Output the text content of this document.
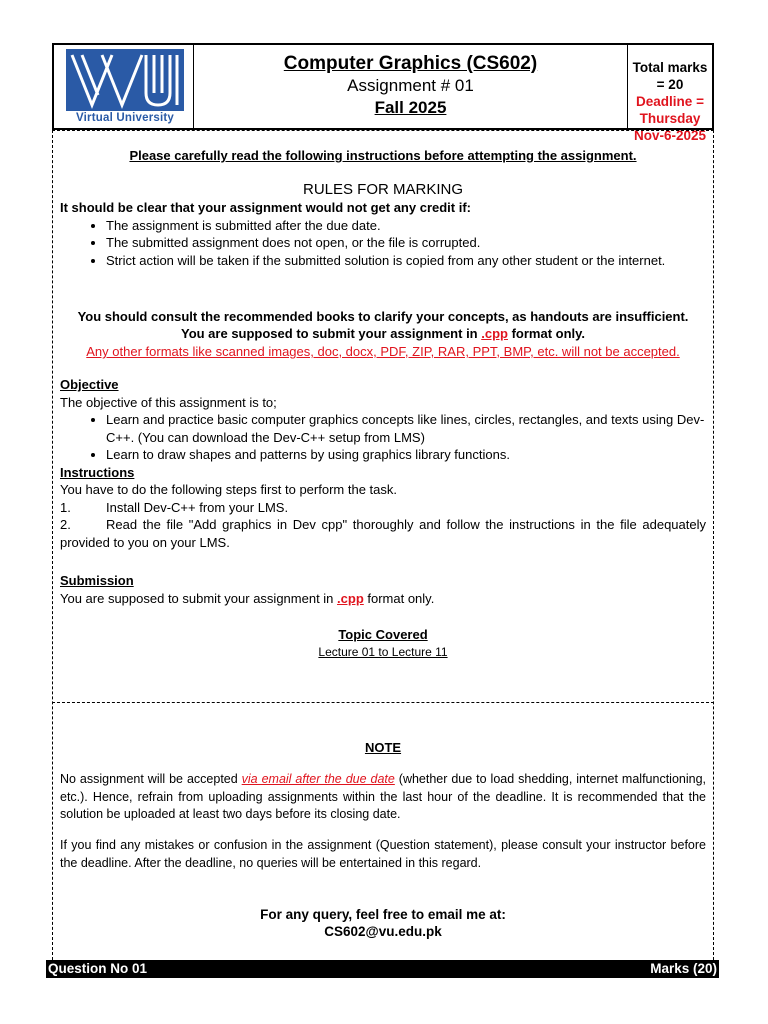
Virtual University
Computer Graphics (CS602)
Assignment # 01
Fall 2025
Total marks = 20
Deadline = Thursday Nov-6-2025
Please carefully read the following instructions before attempting the assignment.
RULES FOR MARKING
It should be clear that your assignment would not get any credit if:
• The assignment is submitted after the due date.
• The submitted assignment does not open, or the file is corrupted.
• Strict action will be taken if the submitted solution is copied from any other student or the internet.
You should consult the recommended books to clarify your concepts, as handouts are insufficient.
You are supposed to submit your assignment in .cpp format only.
Any other formats like scanned images, doc, docx, PDF, ZIP, RAR, PPT, BMP, etc. will not be accepted.
Objective
The objective of this assignment is to;
• Learn and practice basic computer graphics concepts like lines, circles, rectangles, and texts using Dev-C++. (You can download the Dev-C++ setup from LMS)
• Learn to draw shapes and patterns by using graphics library functions.
Instructions
You have to do the following steps first to perform the task.
1.	Install Dev-C++ from your LMS.
2.	Read the file "Add graphics in Dev cpp" thoroughly and follow the instructions in the file adequately provided to you on your LMS.
Submission
You are supposed to submit your assignment in .cpp format only.
Topic Covered
Lecture 01 to Lecture 11
NOTE
No assignment will be accepted via email after the due date (whether due to load shedding, internet malfunctioning, etc.). Hence, refrain from uploading assignments within the last hour of the deadline. It is recommended that the solution be uploaded at least two days before its closing date.
If you find any mistakes or confusion in the assignment (Question statement), please consult your instructor before the deadline. After the deadline, no queries will be entertained in this regard.
For any query, feel free to email me at:
CS602@vu.edu.pk
Question No 01	Marks (20)
